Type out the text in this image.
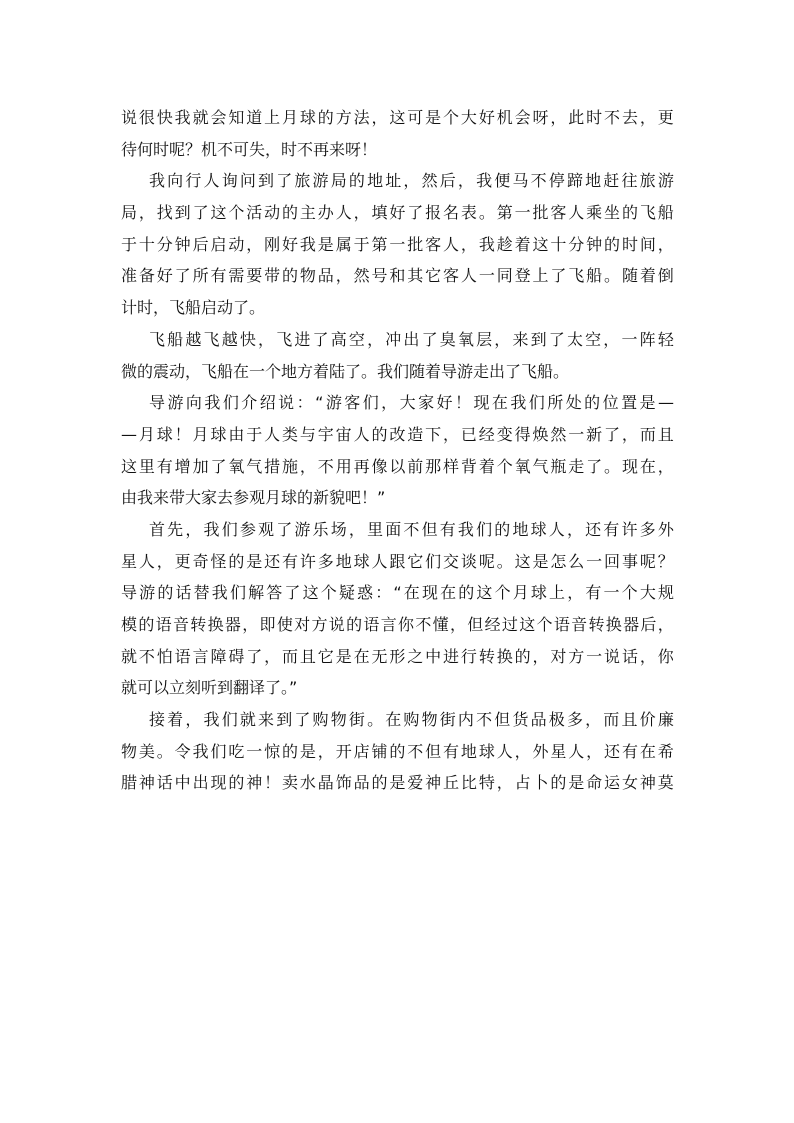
说 很 快 我 就 会 知 道 上 月 球 的 方 法 ， 这 可 是 个 大 好 机 会 呀 ， 此 时 不 去 ， 更
待何时呢？机不可失，时不再来呀！
我 向 行 人 询 问 到 了 旅 游 局 的 地 址 ， 然 后 ， 我 便 马 不 停 蹄 地 赶 往 旅 游
局 ， 找 到 了 这 个 活 动 的 主 办 人 ， 填 好 了 报 名 表 。 第 一 批 客 人 乘 坐 的 飞 船
于 十 分 钟 后 启 动 ， 刚 好 我 是 属 于 第 一 批 客 人 ， 我 趁 着 这 十 分 钟 的 时 间 ，
准 备 好 了 所 有 需 要 带 的 物 品 ， 然 号 和 其 它 客 人 一 同 登 上 了 飞 船 。 随 着 倒
计时，飞船启动了。
飞 船 越 飞 越 快 ， 飞 进 了 高 空 ， 冲 出 了 臭 氧 层 ， 来 到 了 太 空 ， 一 阵 轻
微的震动，飞船在一个地方着陆了。我们随着导游走出了飞船。
导 游 向 我 们 介 绍 说 ： “ 游 客 们 ， 大 家 好 ！ 现 在 我 们 所 处 的 位 置 是 —
— 月 球 ！ 月 球 由 于 人 类 与 宇 宙 人 的 改 造 下 ， 已 经 变 得 焕 然 一 新 了 ， 而 且
这 里 有 增 加 了 氧 气 措 施 ， 不 用 再 像 以 前 那 样 背 着 个 氧 气 瓶 走 了 。 现 在 ，
由我来带大家去参观月球的新貌吧！”
首 先 ， 我 们 参 观 了 游 乐 场 ， 里 面 不 但 有 我 们 的 地 球 人 ， 还 有 许 多 外
星 人 ， 更 奇 怪 的 是 还 有 许 多 地 球 人 跟 它 们 交 谈 呢 。 这 是 怎 么 一 回 事 呢 ？
导 游 的 话 替 我 们 解 答 了 这 个 疑 惑 ： “ 在 现 在 的 这 个 月 球 上 ， 有 一 个 大 规
模 的 语 音 转 换 器 ， 即 使 对 方 说 的 语 言 你 不 懂 ， 但 经 过 这 个 语 音 转 换 器 后 ，
就 不 怕 语 言 障 碍 了 ， 而 且 它 是 在 无 形 之 中 进 行 转 换 的 ， 对 方 一 说 话 ， 你
就可以立刻听到翻译了。”
接 着 ， 我 们 就 来 到 了 购 物 街 。 在 购 物 街 内 不 但 货 品 极 多 ， 而 且 价 廉
物 美 。 令 我 们 吃 一 惊 的 是 ， 开 店 铺 的 不 但 有 地 球 人 ， 外 星 人 ， 还 有 在 希
腊 神 话 中 出 现 的 神 ！ 卖 水 晶 饰 品 的 是 爱 神 丘 比 特 ， 占 卜 的 是 命 运 女 神 莫
